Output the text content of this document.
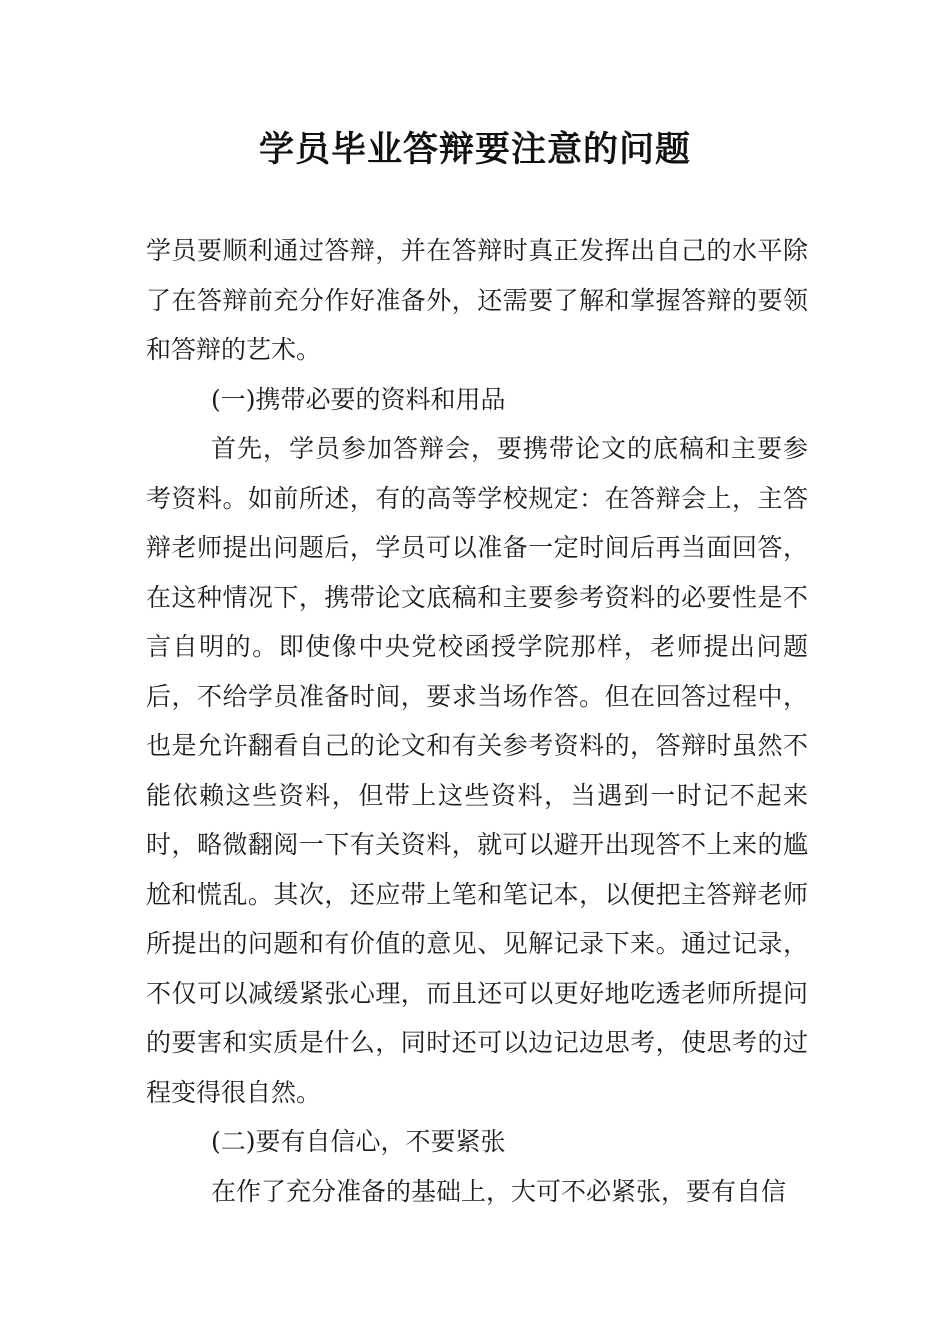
学员毕业答辩要注意的问题

学员要顺利通过答辩，并在答辩时真正发挥出自己的水平除了在答辩前充分作好准备外，还需要了解和掌握答辩的要领和答辩的艺术。

(一)携带必要的资料和用品

首先，学员参加答辩会，要携带论文的底稿和主要参考资料。如前所述，有的高等学校规定：在答辩会上，主答辩老师提出问题后，学员可以准备一定时间后再当面回答，在这种情况下，携带论文底稿和主要参考资料的必要性是不言自明的。即使像中央党校函授学院那样，老师提出问题后，不给学员准备时间，要求当场作答。但在回答过程中，也是允许翻看自己的论文和有关参考资料的，答辩时虽然不能依赖这些资料，但带上这些资料，当遇到一时记不起来时，略微翻阅一下有关资料，就可以避开出现答不上来的尴尬和慌乱。其次，还应带上笔和笔记本，以便把主答辩老师所提出的问题和有价值的意见、见解记录下来。通过记录，不仅可以减缓紧张心理，而且还可以更好地吃透老师所提问的要害和实质是什么，同时还可以边记边思考，使思考的过程变得很自然。

(二)要有自信心，不要紧张

在作了充分准备的基础上，大可不必紧张，要有自信
